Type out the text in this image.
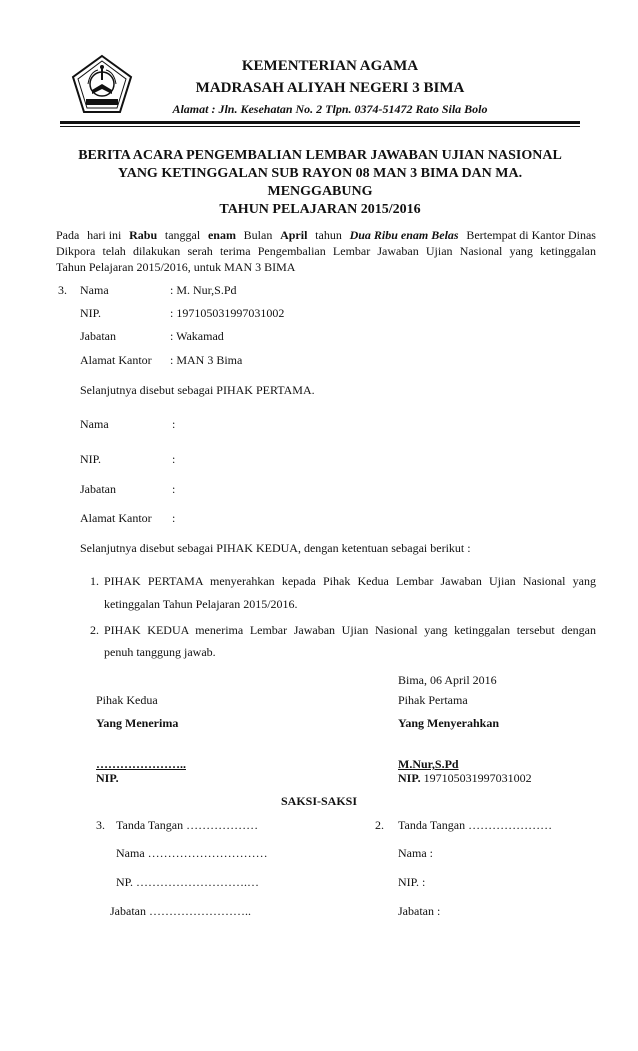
KEMENTERIAN AGAMA
MADRASAH ALIYAH NEGERI 3 BIMA
Alamat : Jln. Kesehatan No. 2 Tlpn. 0374-51472 Rato Sila Bolo
BERITA ACARA PENGEMBALIAN LEMBAR JAWABAN UJIAN NASIONAL
YANG KETINGGALAN SUB RAYON 08 MAN 3 BIMA DAN MA.
MENGGABUNG
TAHUN PELAJARAN 2015/2016
Pada hari ini Rabu tanggal enam Bulan April tahun Dua Ribu enam Belas Bertempat di Kantor Dinas
Dikpora telah dilakukan serah terima Pengembalian Lembar Jawaban Ujian Nasional yang ketinggalan
Tahun Pelajaran 2015/2016, untuk MAN 3 BIMA
3. Nama	: M. Nur,S.Pd
NIP.	: 197105031997031002
Jabatan	: Wakamad
Alamat Kantor : MAN 3 Bima
Selanjutnya disebut sebagai PIHAK PERTAMA.
Nama	:
NIP.	:
Jabatan	:
Alamat Kantor :
Selanjutnya disebut sebagai PIHAK KEDUA, dengan ketentuan sebagai berikut :
1. PIHAK PERTAMA menyerahkan kepada Pihak Kedua Lembar Jawaban Ujian Nasional yang
ketinggalan Tahun Pelajaran 2015/2016.
2. PIHAK KEDUA menerima Lembar Jawaban Ujian Nasional yang ketinggalan tersebut dengan
penuh tanggung jawab.
Bima, 06 April 2016
Pihak Kedua	Pihak Pertama
Yang Menerima	Yang Menyerahkan
…………………..	M.Nur,S.Pd
NIP.	NIP. 197105031997031002
SAKSI-SAKSI
3. Tanda Tangan ………………	2. Tanda Tangan …………………
Nama …………………………	Nama :
NP. ……………………….…	NIP. :
Jabatan ……………………..	Jabatan :
